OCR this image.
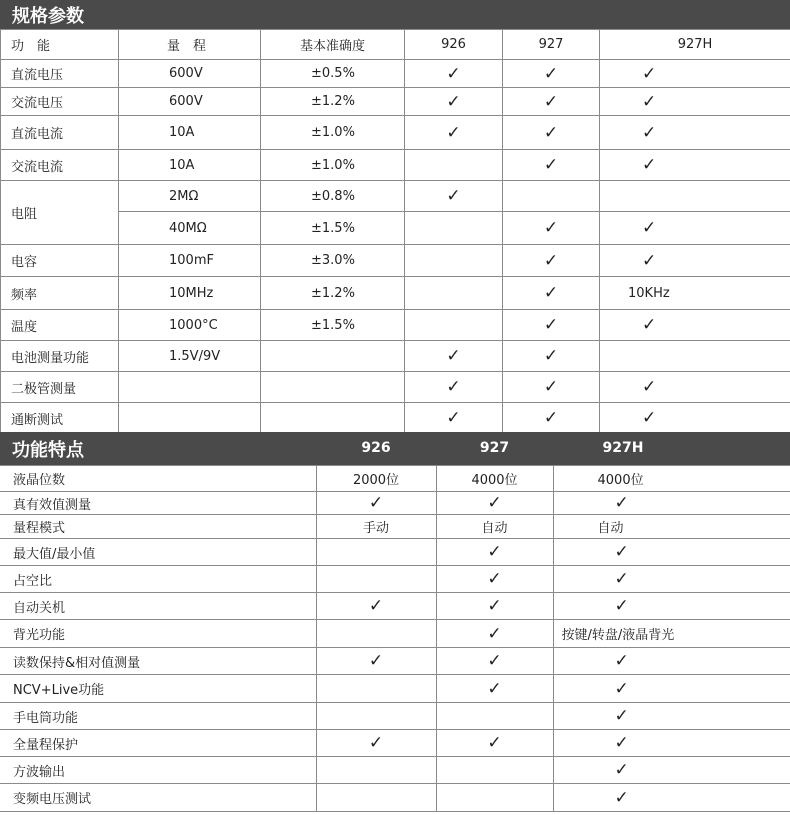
规格参数
功　能	量　程	基本准确度	926	927	927H
直流电压	600V	±0.5%	✓	✓	✓
交流电压	600V	±1.2%	✓	✓	✓
直流电流	10A	±1.0%	✓	✓	✓
交流电流	10A	±1.0%		✓	✓
电阻	2MΩ	±0.8%	✓		
	40MΩ	±1.5%		✓	✓
电容	100mF	±3.0%		✓	✓
频率	10MHz	±1.2%		✓	10KHz
温度	1000°C	±1.5%		✓	✓
电池测量功能	1.5V/9V		✓	✓	
二极管测量			✓	✓	✓
通断测试			✓	✓	✓
功能特点	926	927	927H
液晶位数	2000位	4000位	4000位
真有效值测量	✓	✓	✓
量程模式	手动	自动	自动
最大值/最小值		✓	✓
占空比		✓	✓
自动关机	✓	✓	✓
背光功能		✓	按键/转盘/液晶背光
读数保持&相对值测量	✓	✓	✓
NCV+Live功能		✓	✓
手电筒功能			✓
全量程保护	✓	✓	✓
方波输出			✓
变频电压测试			✓
